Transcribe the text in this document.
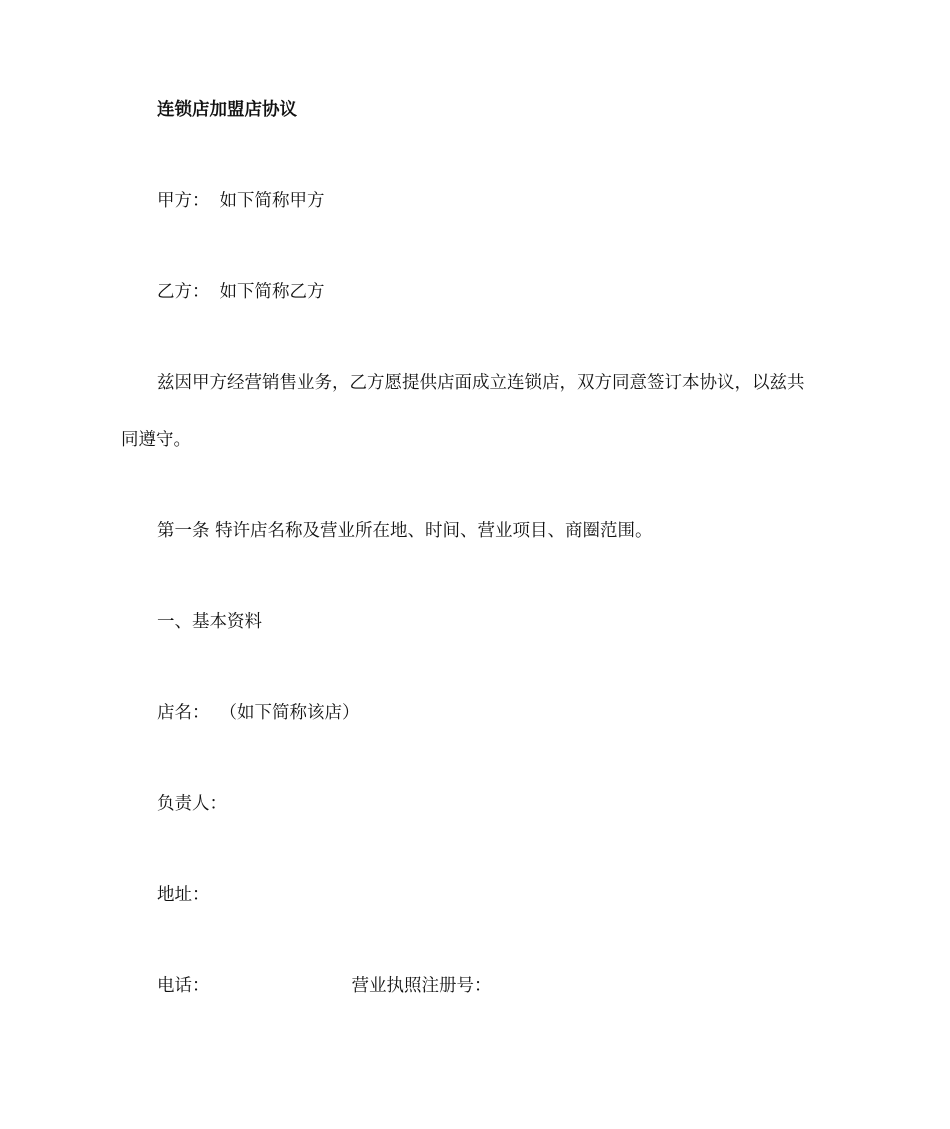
连锁店加盟店协议
甲方： 如下简称甲方
乙方： 如下简称乙方
兹因甲方经营销售业务，乙方愿提供店面成立连锁店，双方同意签订本协议，以兹共
同遵守。
第一条 特许店名称及营业所在地、时间、营业项目、商圈范围。
一、基本资料
店名： （如下简称该店）
负责人：
地址：
电话：	营业执照注册号：
